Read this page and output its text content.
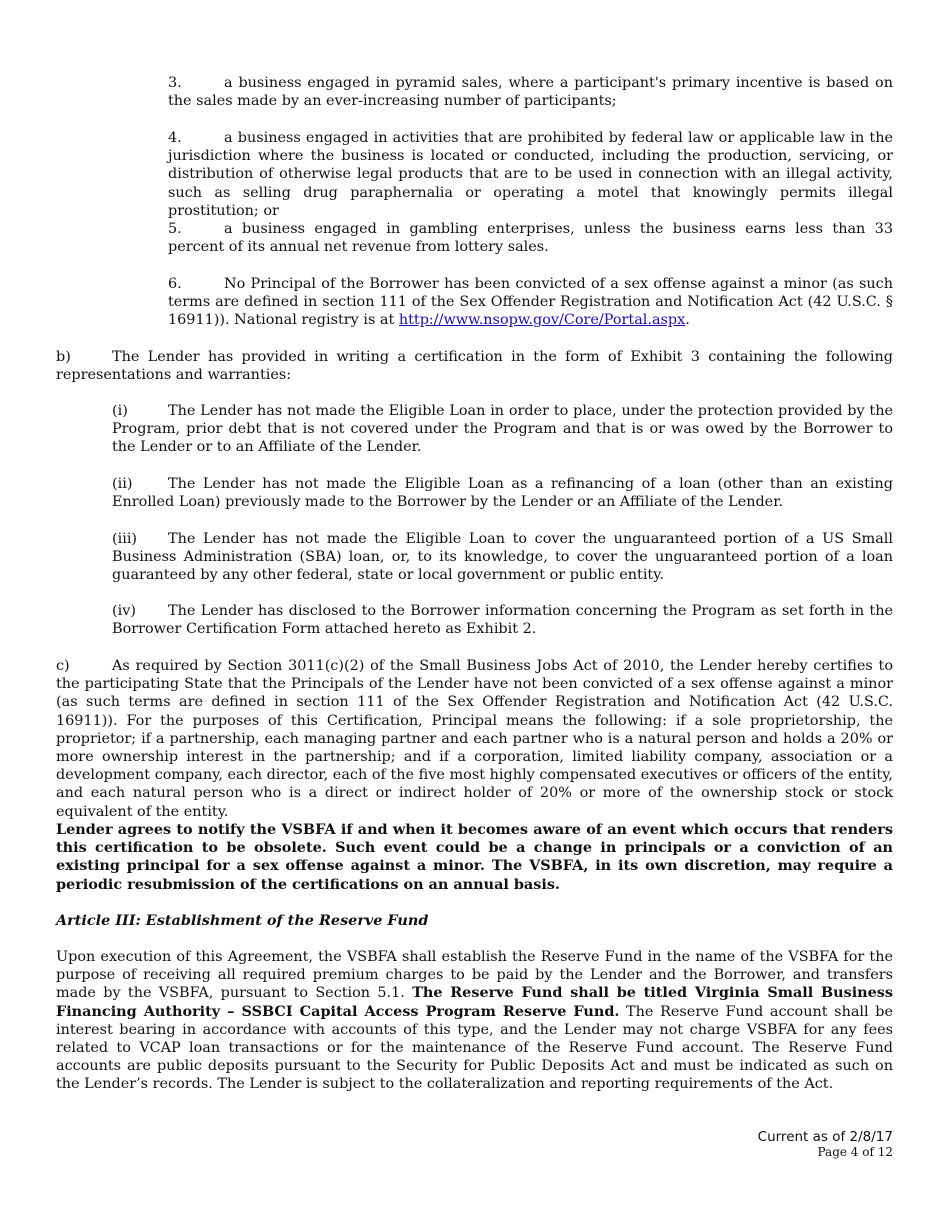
3.	a business engaged in pyramid sales, where a participant's primary incentive is based on the sales made by an ever-increasing number of participants;

4.	a business engaged in activities that are prohibited by federal law or applicable law in the jurisdiction where the business is located or conducted, including the production, servicing, or distribution of otherwise legal products that are to be used in connection with an illegal activity, such as selling drug paraphernalia or operating a motel that knowingly permits illegal prostitution; or

5.	a business engaged in gambling enterprises, unless the business earns less than 33 percent of its annual net revenue from lottery sales.

6.	No Principal of the Borrower has been convicted of a sex offense against a minor (as such terms are defined in section 111 of the Sex Offender Registration and Notification Act (42 U.S.C. § 16911)). National registry is at http://www.nsopw.gov/Core/Portal.aspx.

b)	The Lender has provided in writing a certification in the form of Exhibit 3 containing the following representations and warranties:

(i)	The Lender has not made the Eligible Loan in order to place, under the protection provided by the Program, prior debt that is not covered under the Program and that is or was owed by the Borrower to the Lender or to an Affiliate of the Lender.

(ii) The Lender has not made the Eligible Loan as a refinancing of a loan (other than an existing Enrolled Loan) previously made to the Borrower by the Lender or an Affiliate of the Lender.

(iii) The Lender has not made the Eligible Loan to cover the unguaranteed portion of a US Small Business Administration (SBA) loan, or, to its knowledge, to cover the unguaranteed portion of a loan guaranteed by any other federal, state or local government or public entity.

(iv) The Lender has disclosed to the Borrower information concerning the Program as set forth in the Borrower Certification Form attached hereto as Exhibit 2.

c)	As required by Section 3011(c)(2) of the Small Business Jobs Act of 2010, the Lender hereby certifies to the participating State that the Principals of the Lender have not been convicted of a sex offense against a minor (as such terms are defined in section 111 of the Sex Offender Registration and Notification Act (42 U.S.C. 16911)). For the purposes of this Certification, Principal means the following: if a sole proprietorship, the proprietor; if a partnership, each managing partner and each partner who is a natural person and holds a 20% or more ownership interest in the partnership; and if a corporation, limited liability company, association or a development company, each director, each of the five most highly compensated executives or officers of the entity, and each natural person who is a direct or indirect holder of 20% or more of the ownership stock or stock equivalent of the entity.

Lender agrees to notify the VSBFA if and when it becomes aware of an event which occurs that renders this certification to be obsolete. Such event could be a change in principals or a conviction of an existing principal for a sex offense against a minor. The VSBFA, in its own discretion, may require a periodic resubmission of the certifications on an annual basis.

Article III: Establishment of the Reserve Fund

Upon execution of this Agreement, the VSBFA shall establish the Reserve Fund in the name of the VSBFA for the purpose of receiving all required premium charges to be paid by the Lender and the Borrower, and transfers made by the VSBFA, pursuant to Section 5.1. The Reserve Fund shall be titled Virginia Small Business Financing Authority – SSBCI Capital Access Program Reserve Fund. The Reserve Fund account shall be interest bearing in accordance with accounts of this type, and the Lender may not charge VSBFA for any fees related to VCAP loan transactions or for the maintenance of the Reserve Fund account. The Reserve Fund accounts are public deposits pursuant to the Security for Public Deposits Act and must be indicated as such on the Lender’s records. The Lender is subject to the collateralization and reporting requirements of the Act.

Current as of 2/8/17
Page 4 of 12
